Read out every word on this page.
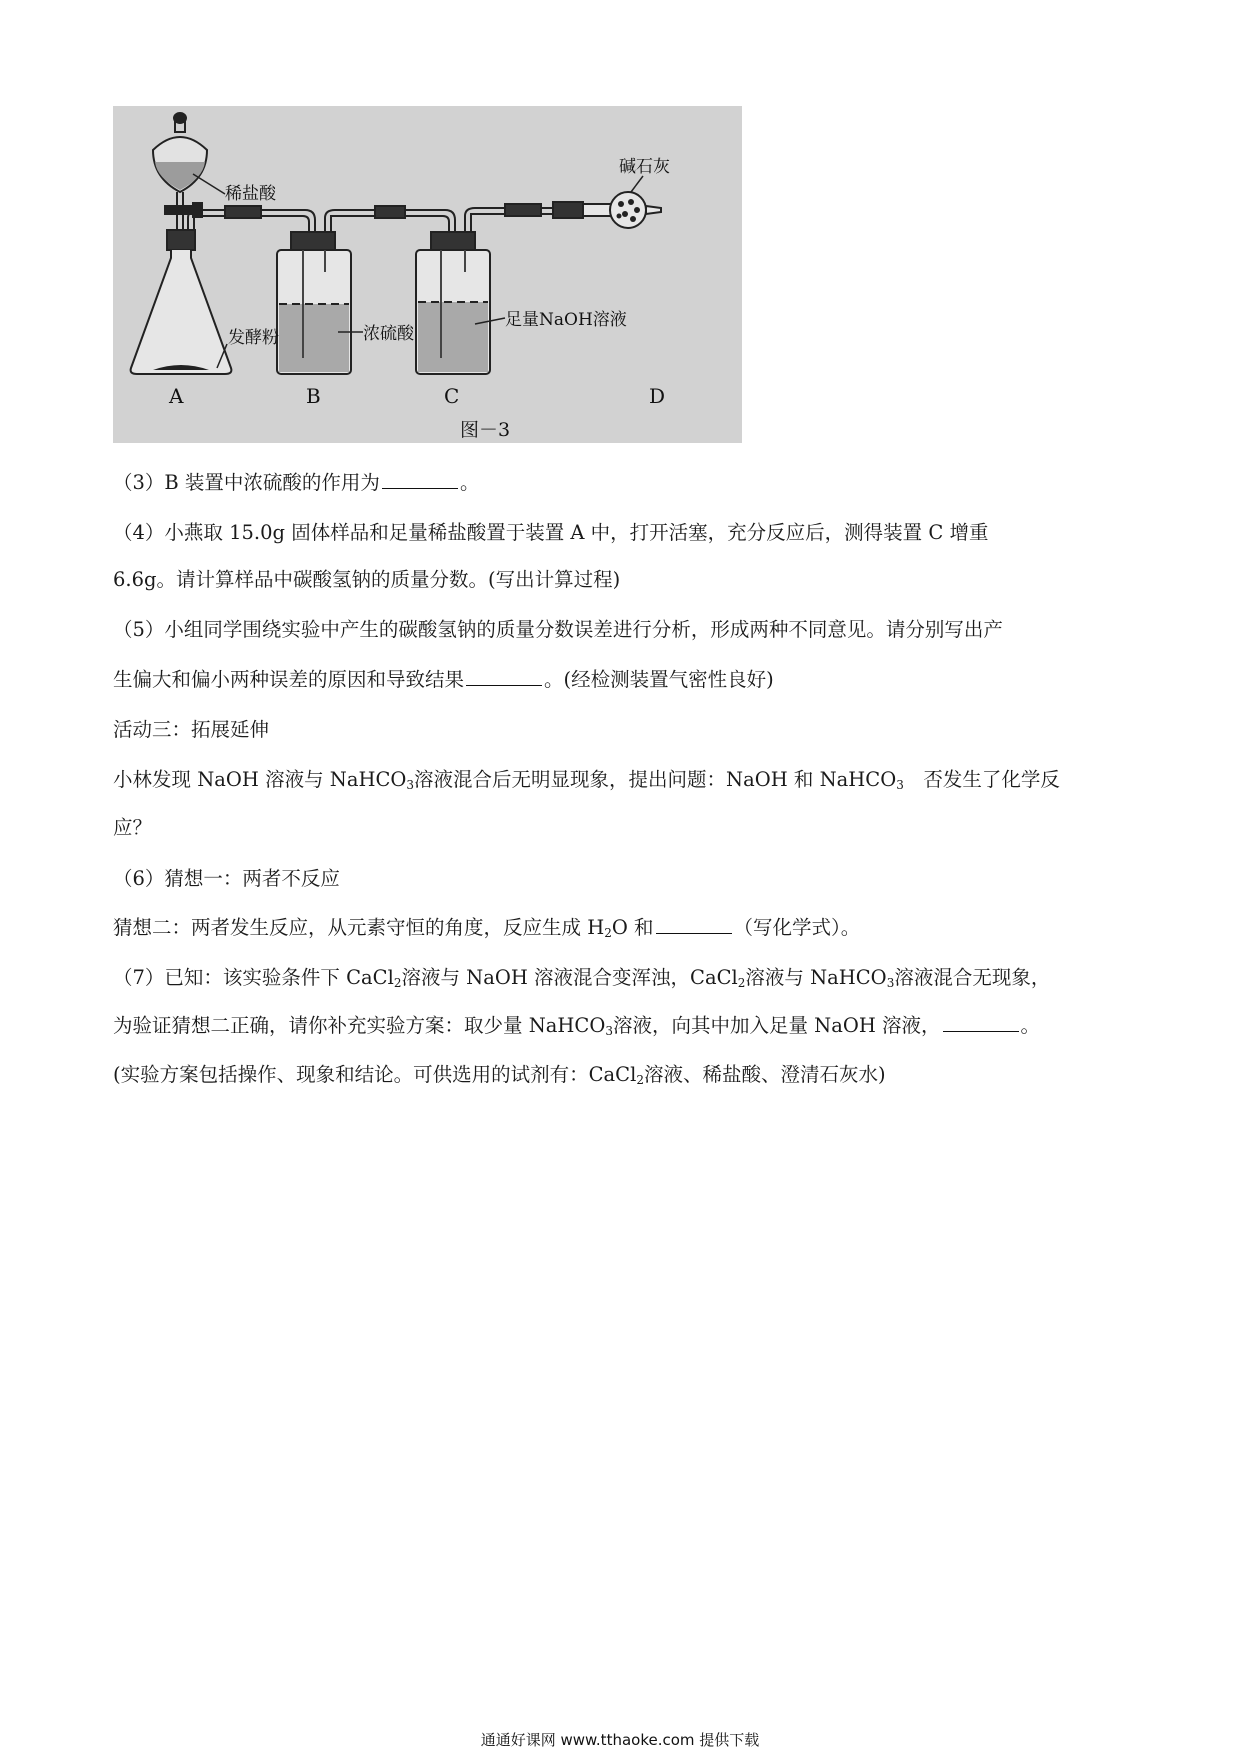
稀盐酸
碱石灰
发酵粉	浓硫酸
足量NaOH溶液
A	B	C	D
图－3
（3）B 装置中浓硫酸的作用为	。
（4）小燕取 15.0g 固体样品和足量稀盐酸置于装置 A 中，打开活塞，充分反应后，测得装置 C 增重
6.6g。请计算样品中碳酸氢钠的质量分数。(写出计算过程)
（5）小组同学围绕实验中产生的碳酸氢钠的质量分数误差进行分析，形成两种不同意见。请分别写出产
生偏大和偏小两种误差的原因和导致结果	。(经检测装置气密性良好)
活动三：拓展延伸
小林发现 NaOH 溶液与 NaHCO$_3$溶液混合后无明显现象，提出问题：NaOH 和 NaHCO$_3$　否发生了化学反
应？
（6）猜想一：两者不反应
猜想二：两者发生反应，从元素守恒的角度，反应生成 $H_2O$ 和	（写化学式）。
（7）已知：该实验条件下 CaCl$_2$溶液与 NaOH 溶液混合变浑浊，CaCl$_2$溶液与 NaHCO$_3$溶液混合无现象，
为验证猜想二正确，请你补充实验方案：取少量 NaHCO$_3$溶液，向其中加入足量 NaOH 溶液，	。
(实验方案包括操作、现象和结论。可供选用的试剂有：CaCl$_2$溶液、稀盐酸、澄清石灰水)
通通好课网 www.tthaoke.com 提供下载
